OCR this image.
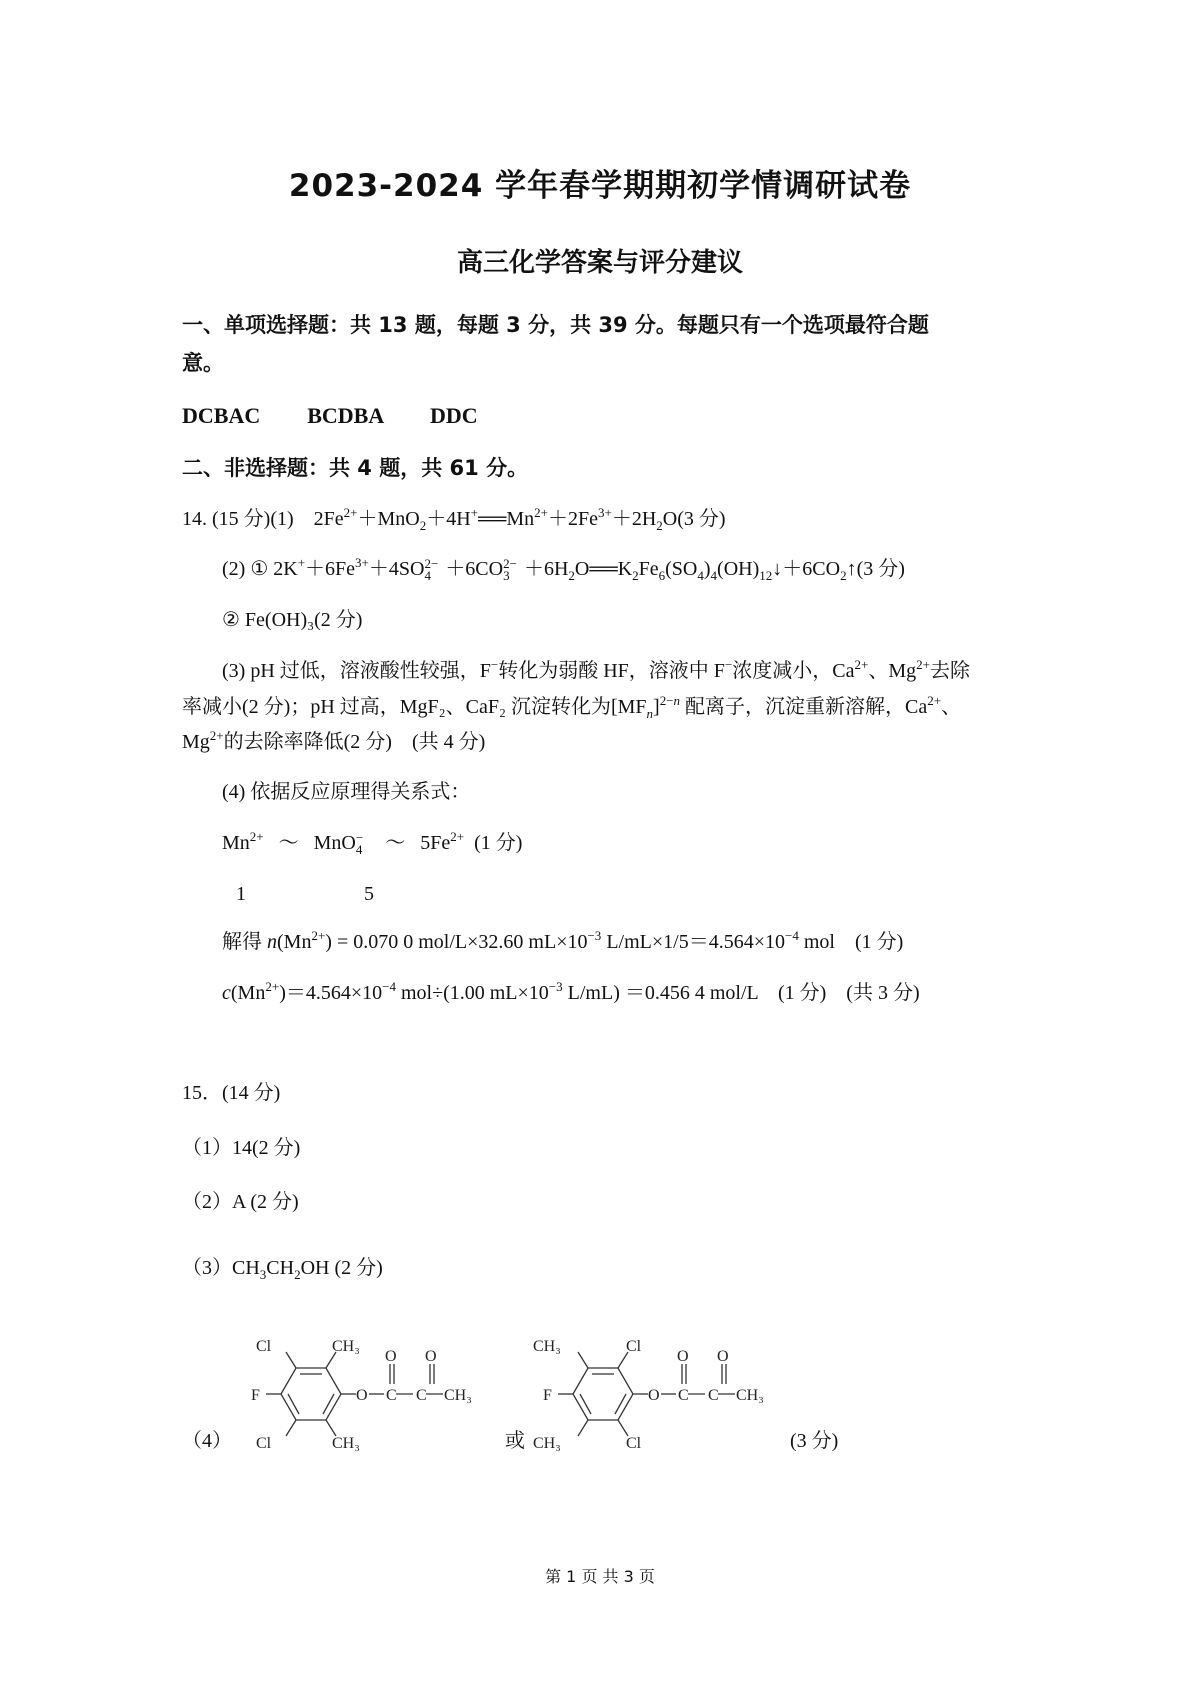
2023-2024 学年春学期期初学情调研试卷
高三化学答案与评分建议
一、单项选择题：共 13 题，每题 3 分，共 39 分。每题只有一个选项最符合题
意。
DCBAC BCDBA DDC
二、非选择题：共 4 题，共 61 分。
14. (15 分)(1)    $2Fe^{2+}+MnO_2+4H^+══Mn^{2+}+2Fe^{3+}+2H_2O(3$ 分)
(2) ① $2K^++6Fe^{3+}+4SO$ 2−
4 ＋6CO 2−
$3 +6H_2O══K_2Fe_6(SO_4)_4(OH)_{12}↓+6CO_2↑(3$ 分)
② Fe(OH)₃(2 分)
(3) pH 过低，溶液酸性较强，F−转化为弱酸 HF，溶液中 F−浓度减小，$Ca^{2+}$、$Mg^{2+}$去除
率减小(2 分)；pH 过高，MgF₂、CaF₂ 沉淀转化为$[MF_n]^{2-n}$ 配离子，沉淀重新溶解，$Ca^{2+}$、
$Mg^{2+}$的去除率降低(2 分)　(共 4 分)
(4) 依据反应原理得关系式：
$Mn^{2+}$   ～   MnO −
4 ～   $5Fe^{2+}$ (1 分)
1	5
解得 $n(Mn^{2+}) = 0.070$ 0 mol/L×32.60 $mL\times 10^{-3}$ $L/mL\times 1/5=4.564\times 10^{-4}$ mol　(1 分)
$c(Mn^{2+})=4.564\times 10^{-4}$ mol÷(1.00 $mL\times 10^{-3}$ L/mL) ＝0.456 4 mol/L　(1 分)　(共 3 分)
15．(14 分)
（1）14(2 分)
（2）A (2 分)
$(3)CH_3CH_2OH$ (2 分)
（4）
Cl	CH₃
F
Cl	CH₃
O C
O
C
O
CH₃
或
CH₃	Cl
F
CH₃	Cl
O C
O
C
O
CH₃
(3 分)
第 1 页 共 3 页
